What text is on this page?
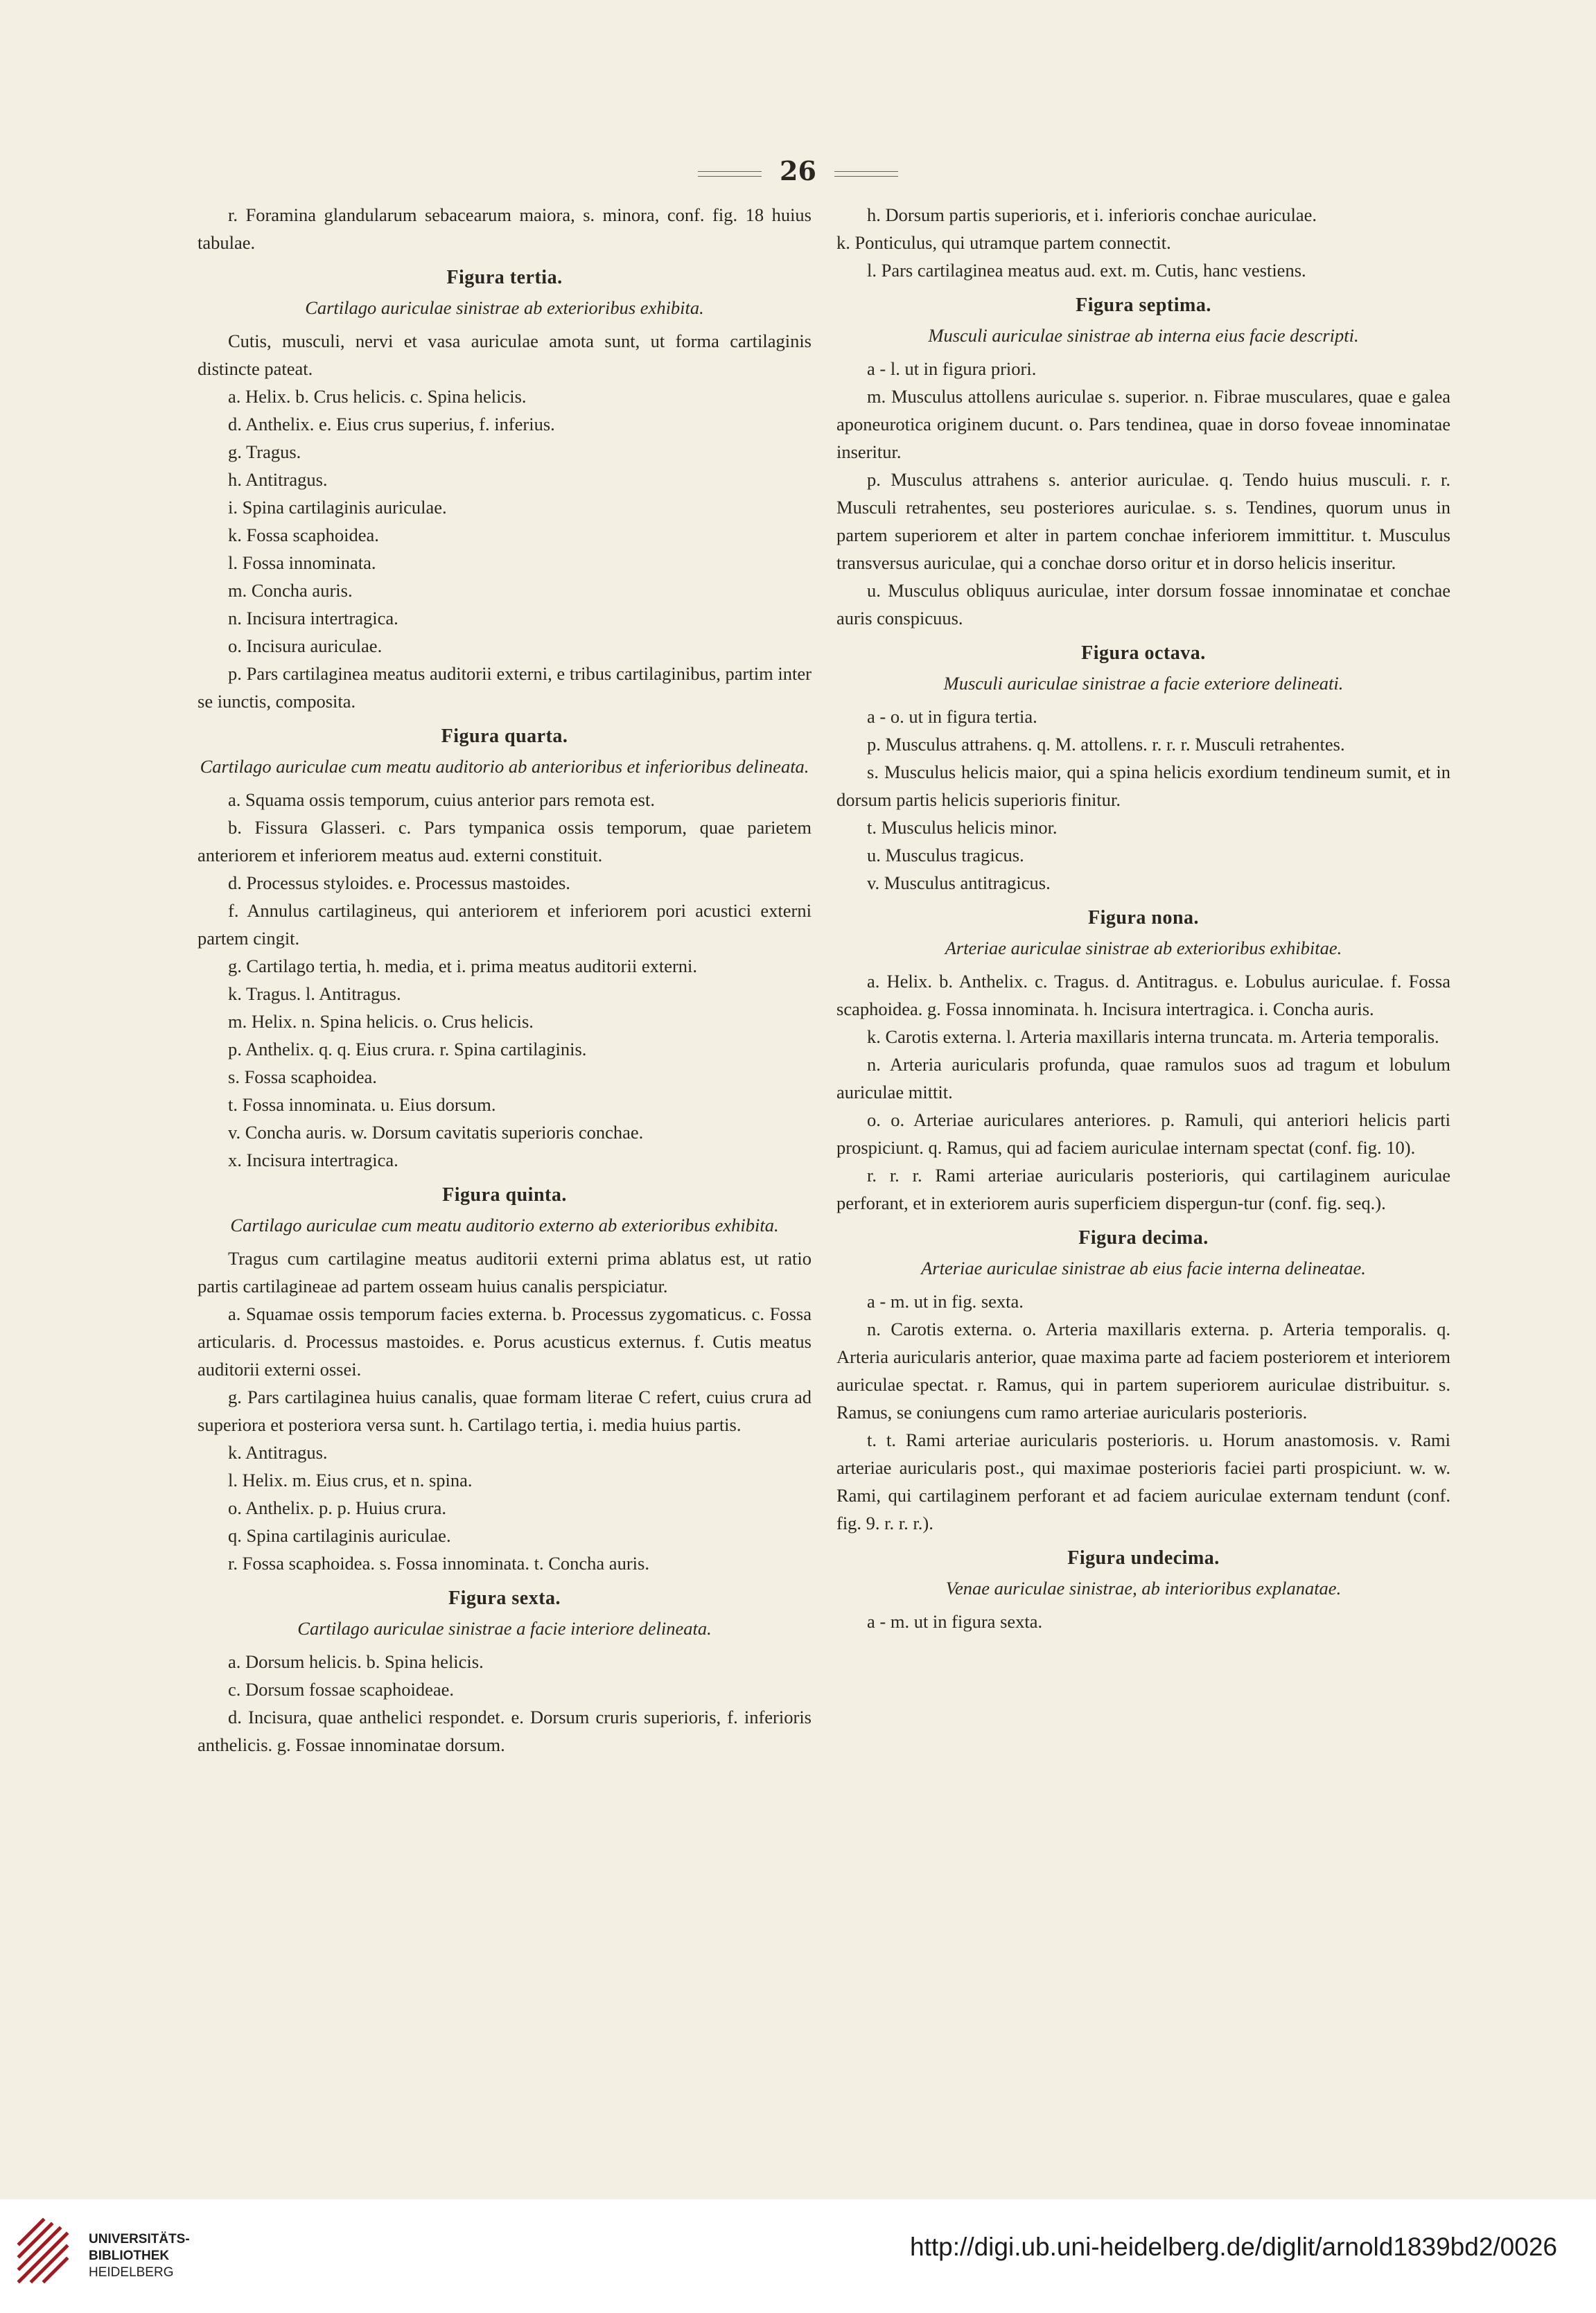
26

r. Foramina glandularum sebacearum maiora, s. minora, conf. fig. 18 huius tabulae.

Figura tertia.
Cartilago auriculae sinistrae ab exterioribus exhibita.

Cutis, musculi, nervi et vasa auriculae amota sunt, ut forma cartilaginis distincte pateat.

a. Helix. b. Crus helicis. c. Spina helicis.

d. Anthelix. e. Eius crus superius, f. inferius.

g. Tragus.

h. Antitragus.

i. Spina cartilaginis auriculae.

k. Fossa scaphoidea.

l. Fossa innominata.

m. Concha auris.

n. Incisura intertragica.

o. Incisura auriculae.

p. Pars cartilaginea meatus auditorii externi, e tribus cartilaginibus, partim inter se iunctis, composita.

Figura quarta.
Cartilago auriculae cum meatu auditorio ab anterioribus et inferioribus delineata.

a. Squama ossis temporum, cuius anterior pars remota est.

b. Fissura Glasseri. c. Pars tympanica ossis temporum, quae parietem anteriorem et inferiorem meatus aud. externi constituit.

d. Processus styloides. e. Processus mastoides.

f. Annulus cartilagineus, qui anteriorem et inferiorem pori acustici externi partem cingit.

g. Cartilago tertia, h. media, et i. prima meatus auditorii externi.

k. Tragus. l. Antitragus.

m. Helix. n. Spina helicis. o. Crus helicis.

p. Anthelix. q. q. Eius crura. r. Spina cartilaginis.

s. Fossa scaphoidea.

t. Fossa innominata. u. Eius dorsum.

v. Concha auris. w. Dorsum cavitatis superioris conchae.

x. Incisura intertragica.

Figura quinta.
Cartilago auriculae cum meatu auditorio externo ab exterioribus exhibita.

Tragus cum cartilagine meatus auditorii externi prima ablatus est, ut ratio partis cartilagineae ad partem osseam huius canalis perspiciatur.

a. Squamae ossis temporum facies externa. b. Processus zygomaticus. c. Fossa articularis. d. Processus mastoides. e. Porus acusticus externus. f. Cutis meatus auditorii externi ossei.

g. Pars cartilaginea huius canalis, quae formam literae C refert, cuius crura ad superiora et posteriora versa sunt. h. Cartilago tertia, i. media huius partis.

k. Antitragus.

l. Helix. m. Eius crus, et n. spina.

o. Anthelix. p. p. Huius crura.

q. Spina cartilaginis auriculae.

r. Fossa scaphoidea. s. Fossa innominata. t. Concha auris.

Figura sexta.
Cartilago auriculae sinistrae a facie interiore delineata.

a. Dorsum helicis. b. Spina helicis.

c. Dorsum fossae scaphoideae.

d. Incisura, quae anthelici respondet. e. Dorsum cruris superioris, f. inferioris anthelicis. g. Fossae innominatae dorsum.

h. Dorsum partis superioris, et i. inferioris conchae auriculae.

k. Ponticulus, qui utramque partem connectit.

l. Pars cartilaginea meatus aud. ext. m. Cutis, hanc vestiens.

Figura septima.
Musculi auriculae sinistrae ab interna eius facie descripti.

a - l. ut in figura priori.

m. Musculus attollens auriculae s. superior. n. Fibrae musculares, quae e galea aponeurotica originem ducunt. o. Pars tendinea, quae in dorso foveae innominatae inseritur.

p. Musculus attrahens s. anterior auriculae. q. Tendo huius musculi. r. r. Musculi retrahentes, seu posteriores auriculae. s. s. Tendines, quorum unus in partem superiorem et alter in partem conchae inferiorem immittitur. t. Musculus transversus auriculae, qui a conchae dorso oritur et in dorso helicis inseritur.

u. Musculus obliquus auriculae, inter dorsum fossae innominatae et conchae auris conspicuus.

Figura octava.
Musculi auriculae sinistrae a facie exteriore delineati.

a - o. ut in figura tertia.

p. Musculus attrahens. q. M. attollens. r. r. r. Musculi retrahentes.

s. Musculus helicis maior, qui a spina helicis exordium tendineum sumit, et in dorsum partis helicis superioris finitur.

t. Musculus helicis minor.

u. Musculus tragicus.

v. Musculus antitragicus.

Figura nona.
Arteriae auriculae sinistrae ab exterioribus exhibitae.

a. Helix. b. Anthelix. c. Tragus. d. Antitragus. e. Lobulus auriculae. f. Fossa scaphoidea. g. Fossa innominata. h. Incisura intertragica. i. Concha auris.

k. Carotis externa. l. Arteria maxillaris interna truncata. m. Arteria temporalis.

n. Arteria auricularis profunda, quae ramulos suos ad tragum et lobulum auriculae mittit.

o. o. Arteriae auriculares anteriores. p. Ramuli, qui anteriori helicis parti prospiciunt. q. Ramus, qui ad faciem auriculae internam spectat (conf. fig. 10).

r. r. r. Rami arteriae auricularis posterioris, qui cartilaginem auriculae perforant, et in exteriorem auris superficiem dispergun-tur (conf. fig. seq.).

Figura decima.
Arteriae auriculae sinistrae ab eius facie interna delineatae.

a - m. ut in fig. sexta.

n. Carotis externa. o. Arteria maxillaris externa. p. Arteria temporalis. q. Arteria auricularis anterior, quae maxima parte ad faciem posteriorem et interiorem auriculae spectat. r. Ramus, qui in partem superiorem auriculae distribuitur. s. Ramus, se coniungens cum ramo arteriae auricularis posterioris.

t. t. Rami arteriae auricularis posterioris. u. Horum anastomosis. v. Rami arteriae auricularis post., qui maximae posterioris faciei parti prospiciunt. w. w. Rami, qui cartilaginem perforant et ad faciem auriculae externam tendunt (conf. fig. 9. r. r. r.).

Figura undecima.
Venae auriculae sinistrae, ab interioribus explanatae.

a - m. ut in figura sexta.

UNIVERSITÄTS-
BIBLIOTHEK
HEIDELBERG
http://digi.ub.uni-heidelberg.de/diglit/arnold1839bd2/0026
